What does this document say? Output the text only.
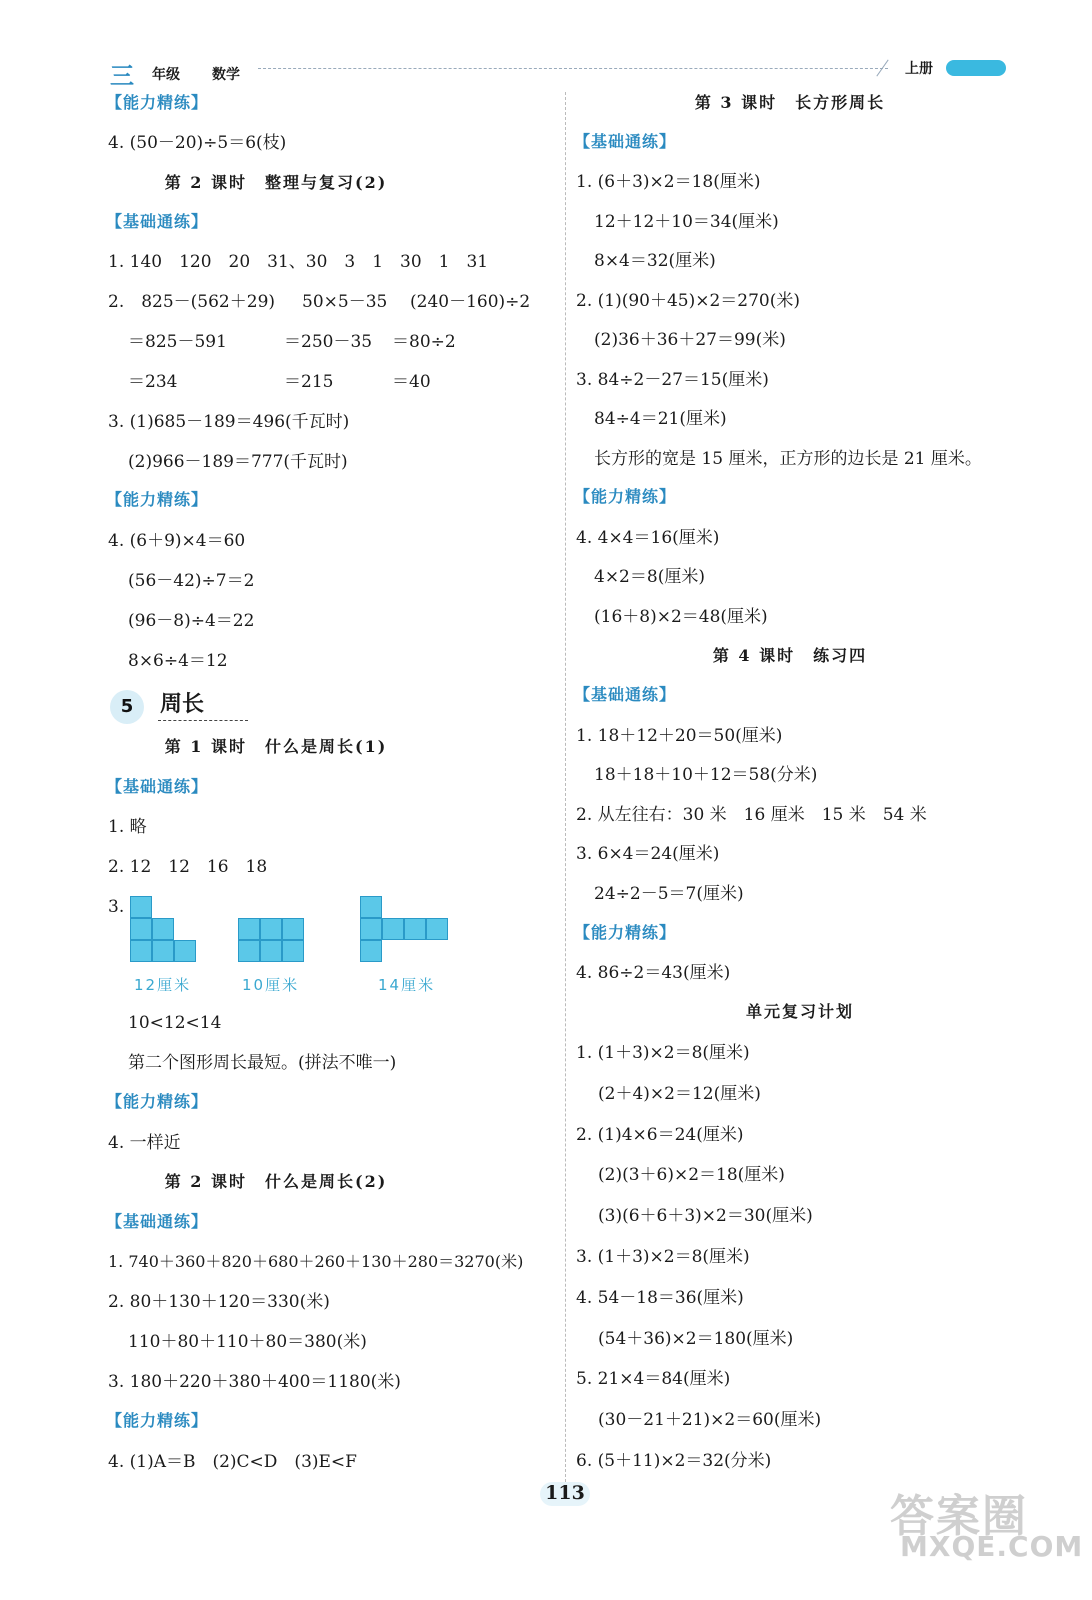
三 年级 数学	上册
【能力精练】
4. (50－20)÷5＝6(枝)
第 2 课时　整理与复习(2)
【基础通练】
1. 140　120　20　31、30　3　1　30　1　31
2.　825－(562＋29) 50×5－35 (240－160)÷2
＝825－591	＝250－35 ＝80÷2
＝234	＝215	＝40
3. (1)685－189＝496(千瓦时)
(2)966－189＝777(千瓦时)
【能力精练】
4. (6＋9)×4＝60
(56－42)÷7＝2
(96－8)÷4＝22
8×6÷4＝12
5	周长
第 1 课时　什么是周长(1)
【基础通练】
1. 略
2. 12　12　16　18
3.
12厘米	10厘米	14厘米
10<12<14
第二个图形周长最短。(拼法不唯一)
【能力精练】
4. 一样近
第 2 课时　什么是周长(2)
【基础通练】
1. 740＋360＋820＋680＋260＋130＋280＝3270(米)
2. 80＋130＋120＝330(米)
110＋80＋110＋80＝380(米)
3. 180＋220＋380＋400＝1180(米)
【能力精练】
4. (1)A＝B　(2)C<D　(3)E<F
第 3 课时　长方形周长
【基础通练】
1. (6＋3)×2＝18(厘米)
12＋12＋10＝34(厘米)
8×4＝32(厘米)
2. (1)(90＋45)×2＝270(米)
(2)36＋36＋27＝99(米)
3. 84÷2－27＝15(厘米)
84÷4＝21(厘米)
长方形的宽是 15 厘米，正方形的边长是 21 厘米。
【能力精练】
4. 4×4＝16(厘米)
4×2＝8(厘米)
(16＋8)×2＝48(厘米)
第 4 课时　练习四
【基础通练】
1. 18＋12＋20＝50(厘米)
18＋18＋10＋12＝58(分米)
2. 从左往右：30 米　16 厘米　15 米　54 米
3. 6×4＝24(厘米)
24÷2－5＝7(厘米)
【能力精练】
4. 86÷2＝43(厘米)
单元复习计划
1. (1＋3)×2＝8(厘米)
(2＋4)×2＝12(厘米)
2. (1)4×6＝24(厘米)
(2)(3＋6)×2＝18(厘米)
(3)(6＋6＋3)×2＝30(厘米)
3. (1＋3)×2＝8(厘米)
4. 54－18＝36(厘米)
(54＋36)×2＝180(厘米)
5. 21×4＝84(厘米)
(30－21＋21)×2＝60(厘米)
6. (5＋11)×2＝32(分米)
113	答案圈
MXQE.COM
